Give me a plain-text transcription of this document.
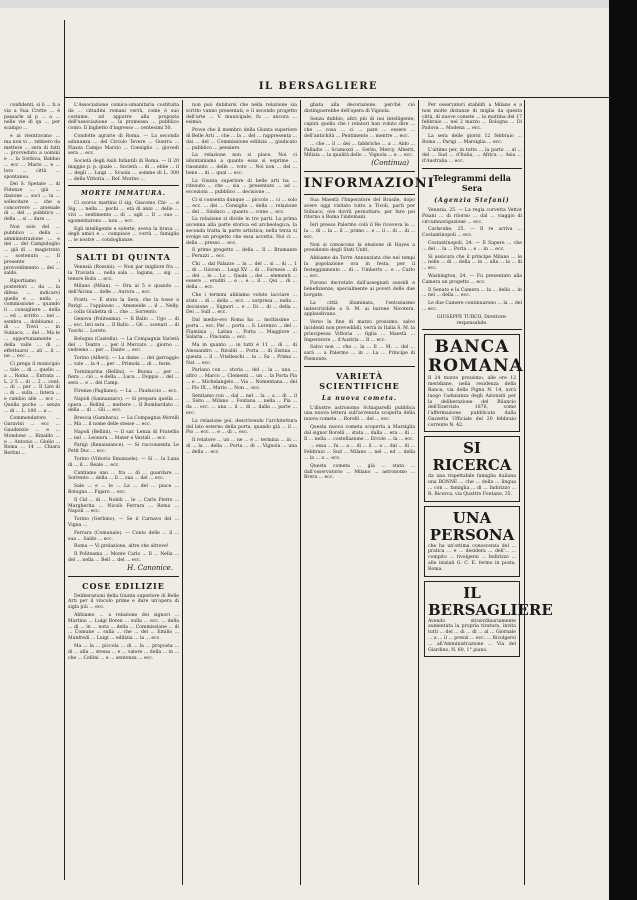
IL BERSAGLIERE

confidenti, si li ... ti a via a Sua Crotte ... è passarle al p ... a ... nelle vie di qu ... per scampo ...

e ai rientravano ... ma non vi ... rebbero da mettere ... sera di fatti ... provveduto a uomini e ... la Sorbica, Balduo ... ecc ... Mario ... e ... loro ... città ... spontanea.

Del S. Spetate ... di Fidenze ... già ... dazione ... soci ... la ... sollecitare ... che a concorrere ... arsenale di ... del ... pubblico ... della ... si ... dare ...

Non solo del ... pubblico ... della ... amministrazione ... e dei ... del Campidoglio ... già di ... magistrato ... sostenuto ... Il presente ... provvedimento ... del ... saldo.

Riportiamo i posteriori ... da ... la difesa ... indicarvi quello e ... nella ... commissione ... quando il ... consigliere ... della ... ed ... scritto ... nel ... sembra ... dobbiamo ... di ... Trevi ... in Subiaco, ... del ... Ma le ... opportunamente ... della valle ... di ... effettuarsi ... ali ... il ... ne ... ecc ...

Ci prega il municipio ... tale ... di ... quello ... a ... Roma ... Entrata ... L. 2 5 ... di ... 2 ... cent. ... di ... per ... Il Lire di ... di ... sulla ... Intera ... e cambio alle ... ecc ... Quella poche ... senza ... di ... L. 100 ... a ...

Commendatore ... Garavini ... ecc ... Gaudenzio ... e ... Mondone ... Rinaldo ... e ... Antonio ... Giulio ... Roma ... 14 ... Chiara Bertini ...

L'Associazione comico-umanitaria costituita da ... cittadini romani verrà, come è suo costume, ad apporre alla proposta dell'associazione ... la promessa ... pubblico conto. Il biglietto d'ingresso ... centesimi 50.

Condotte agrarie di Roma. — La seconda adunanza ... del Circolo Tevere ... Guerra ... Piazza Campo Marzio ... Consiglio ... giovedì sera ... ecc.

Società degli Asili Infantili di Roma. — Il 20 maggio p. p. quale ... Società ... di ... ebbe ... il ... degli ... Luigi ... Scuola ... somme di L. 300 ... della Vittoria ... Ref. Morino ...

MORTE IMMATURA.

Ci scorso mattina il sig. Giacomo Chi- ... e Sig. ... nella ... pochi ... età di anni ... delle ... vivi ... sentimento ... di ... agli ... Il ... suo ... sgomentarono ... non ... ecc.

Egli intelligente e solerte, aveva la brava ... degli amici e ... compiace ... vorrà ... famiglia ... le nostre ... condoglianze.

SALTI DI QUINTA

Venezia (Rossini). — Non par migliore fra ... la Traviata ... nella sala ... laguna, ... sig. ... tenore Bolis ... ecc.

Milano (Milan). — Ora al 5 e quando ... dell'Alcina ... delle ... Aurora ... ecc.

Fratti. — È stato la Sera, che la tosse a Parigi ... l'applauso ... Ameneide ... il ... Nelly, ... colla Giulietta di ... che ... Sorrento.

Genova (Politeama). — Il Ballo ... Ugo ... di ... ecc. Ieri sera ... Il Ballo ... Gli ... scenari ... di Toschi ... Loreto.

Bologna (Castella). — La Compagnia Varietà del ... Teatro ... per il Mercato ... giorno ... vedremo ... per ... Dante ... ecc.

Torino (Alfieri). — La dame ... del garraggio ... vale ... la 4 ... per ... Primola ... di ... feste.

Tornimarina (Bellini). — Buona ... per ... fiera ... ciò ... e della ... Luca ... Doppio ... del ... sera ... e ... del Camp.

Firenze (Pagliano). — La ... Pauluccio ... ecc.

Napoli (Sannazzaro). — Si prepara quella ... opera ... Bellini ... mettere ... Il Bombardato ... della ... di ... Gli ... ecc.

Brescia (Gambara). — La Compagnia Morelli ... Ma ... il nome delle stesse ... ecc.

Napoli (Bellini). — Il sar. Lenza di Fratellis ... nel ... Leonora ... Mater e Vestali ... ecc.

Parigi (Renaissance). — Si racconsenta Le Petit Duc ... ecc.

Torino (Vittorio Emanuele). — Si ... la Luna di ... il ... Reale ... ecc.

Cantiamo uno ... fra ... di ... guardare ... Sorrento ... della ... Il ... sua ... del ... ecc.

Sale ... e ... le ... La ... del ... piace ... Bologna ... Figaro ... ecc.

Il Cid ... di ... Nobili ... le ... Carlo Pietro ... Margherita ... Nicolò Ferrara ... Roma ... Napoli ... ecc.

Torino (Gerbino). — Se il Carnavo del ... Vigna ...

Ferrara (Comunale). — Conto delle ... il ... sua ... Saldo ... ecc.

Roma — Vi prelazione, altre che altrove!

Il Politeama ... Monte Carlo ... Il ... Nella ... del ... nella ... Bell ... del ... ecc.

H. Canonice.
COSE EDILIZIE

Deliberazioni della Giunta superiore di Belle Arti per il vincolo prime e dare un'opera di sigla più ... ecc.

Abbiamo ... a relazione dei signori ... Martino ... Luigi Boren ... sulla ... ecc. ... della ... di ... in ... nota ... della ... Commissione ... di ... Comune ... sulla ... che ... dei ... Emilio ... Manfredi ... Luigi ... edilizia ... la ... ecc.

Ma ... la ... piccola ... di ... la ... proposta ... di ... alla ... stessa ... e ... valore ... della ... in ... che ... Cellini ... e ... sentenza ... ecc.

non può dubitarsi che nella relazione sia scritto vanno presentati, e il secondo progetto dell'arte ... V. municipale, fu ... ancora ... esimio.

Prove che il membro della Giunta superiore di Belle Arti ... che ... la ... del ... rappresenta ... dai ... del ... Commissione edilizia ... giudicato ... pubblico ... pensiero.

La relazione non si piace. Noi ci allontaniamo a quanto essa si esprime ... riassunto ... delle ... voto ... Noi non ... del ... bene ... di ... qual ... ecc.

La Giunta superiore di belle arti ha ... ritenuto ... che ... sia ... presentato ... ad ... eccezioni ... pubblico ... decisione ...

Ci si consenta dunque ... piccolo ... ci ... solo ... ecc. ... dei ... Consiglio ... della ... relazione ... del ... Sindaco ... quanto ... come ... ecc.

La relazione si divide in tre parti. La prima accenna alla parte storica ed archeologica; la seconda tratta la parte artistica; nella terza si svolge un progetto che essa accetta. Noi ci ... della ... presso ... ecc.

Il primo progetto ... della ... Il ... Bramante ... Peruzzi ... ecc.

Chi ... dal Palazzo ... la ... del ... si ... di ... 1 ... di ... Giovan ... Luigi XV ... di ... Farnese ... di ... del ... le ... Lo ... Quale ... dei ... elementi ... essere ... eruditi ... e ... e ... il ... Qui ... di ... della ... ecc.

Che i termini abbiamo voluto lacciare ... stato ... di ... della ... ecc. ... sorpresa ... nella ... decisione ... Signori ... e ... Di ... di ... della ... Dei ... Sull ... ecc.

Dal medio-evo Roma ha ... moltissime ... porta ... ecc. Per ... porta ... S. Lorenzo ... del ... Flaminia ... Latina ... Porta ... Maggiore ... Salaria ... Pinciana ... ecc.

Ma in quanto ... in tutti è 11 ... di ... di Alessandro ... Rivaldi ... Porta ... di Sistina ... questa ... il ... Vitelleschi ... la ... Sa ... Prima ... Nat ... ecc.

Parlano con ... storia ... del ... la ... una ... altro ... Marco ... Clementi ... un ... la Porta Pia ... e ... Michelangelo ... Via ... Nomentana ... del ... Pio IX ... Mario ... Non ... ecc.

Sentiamo con ... dal ... nel ... la ... a ... di ... il ... Sisto ... Milano ... Fontana ... nella ... Pia ... da ... ecc. ... una ... il ... di ... dalla ... parte ... ecc.

La relazione poi, descrivendo l'architettura del lato esterno della porta, quando già ... il ... Pio ... ecc. ... e ... di ... ecc.

Il relatore ... un ... ne ... e ... termina ... in ... di ... la ... della ... Porta ... di ... Vignola ... una ... della ... ecc.

gliata alla decorazione, perché ciò distinguerebbe dell'opera di Vignola.

Senza dubbio, altri più di noi intelligente, capirà quello che i relatori han voluto dire ... che ... cosa ... ci ... pare ... essere ... dell'antichità ... Pentimento ... mentre ... ecc.

... che ... il ... dei ... fabbriche ... a ... Aldo ... Palladio ... Scamozzi ... Serlio, Mercy, Alberti, Milizia ... la qualità dello ... Vignola ... e ... ecc.

(Continua)
INFORMAZIONI

Sua Maestà l'Imperatore del Brasile, dopo avere oggi visitato tutto a Tivoli, partì per Subiaco, ove dovrà pernottare, per fare poi ritorno a Roma l'indomani.

Ieri presso Palermo colà il Re riceveva le ... la ... di ... la ... il ... primo ... e ... il ... di ... di ... ecc.

Non si conoscono la elezione di Hayes a presidente degli Stati Uniti.

Abbiamo da Torre Annunziata che nei tempi la popolazione ora in festa, per il festeggiamento ... di ... Umberto ... e ... Carlo ... ecc.

Furono decretate dall'assegnati sussidi e benefizienze, specialmente ai poveri delle due borgate.

La città illuminata, l'entusiasmo indescrivibile a S. M. ai barone Nicotera, applaudivano.

Verso la fine di marzo prossimo, salvo incidenti non prevedibili, verrà in Italia S. M. la principessa Vittoria ... figlia ... Maestà ... Imperatore ... d'Austria ... Il ... ecc.

Salvo non ... che ... la ... Il ... M. ... del ... sarà ... a Palermo ... in ... La ... Principe di Piemonte.

VARIETÀ SCIENTIFICHE
La nuova cometa.

L'illustre astronomo Schiaparelli pubblica una nuova lettera sull'avvenuta scoperta della nuova cometa ... Borelli ... del ... ecc.

Questa nuova cometa scoperta a Marsiglia dal signor Borelli ... stata ... dalla ... era ... di ... Il ... nella ... costellazione ... Ercole ... la ... ecc.

... essa ... fu ... a ... di ... il ... a ... dal ... di ... Febbraio ... Sud ... Milano ... nel ... ed ... della ... la ... a ... ecc.

Questa cometa ... già ... stata ... dall'osservatorio ... Milano ... astronomo ... Brera ... ecc.

Per osservatori stabiliti a Milano e a non molte distanze di miglia da questa città, di nuove comete ... la mattina del 17 febbraio ... nel 2 marzo ... Bologna ... Di Padova ... Modena ... ecc.

La sera delle giorni 12 febbraio ... Roma ... Parigi ... Marsiglia ... ecc.

L'ultimo per, in tutto ... la parte ... al ... del ... Sud ... d'Italia, ... Africa ... Asia ... d'Australia ... ecc.

Telegrammi della Sera
(Agenzia Stefani)

Venezia, 25. — La regia corvetta Vettor Pisani ... di ritorno ... dal ... viaggio di circumnavigazione ... ecc.

Carlsruhe, 25. — Il re arriva ... Costantinopoli ... ecc.

Costantinopoli, 24. — Il Sapere ... che ... del ... la ... Porta ... e ... in ... ecc.

Si assicura che il principe Milano ... le ... nelle ... di ... della ... in ... alla ... la ... di ... ecc.

Washington, 24. — Fu presentato alla Camera un progetto ... ecc.

Il Senato e la Camera ... la ... della ... in ... nel ... della ... ecc.

Le due Camere continuarono ... la ... del ... ecc.

GIUSEPPE TURCO, Direttore-responsabile.
BANCA ROMANA
Il 24 marzo prossimo, alle ore 12 meridiane, nella residenza della Banca, via della Pigna N. 14, avrà luogo l'adunanza degli Azionisti per la deliberazione del Bilancio dell'Esercizio 1876, come l'affermazione pubblicata dalla Gazzetta Ufficiale del 20 febbraio corrente N. 42.
SI RICERCA
da una rispettabile famiglia italiana una BONNE ... che ... della ... lingua ... con ... famiglia ... di ... Indirizzo ... R. Ricerca, via Quattro Fontane, 35.
UNA PERSONA
che ha un'ottima conoscenza del ... pratica ... e ... desidera ... dell'... ... compito ... rivolgersi ... Indirizzo ... alle iniziali G. C. E. fermo in posta, Roma.
IL BERSAGLIERE
Avendo straordinariamente aumentata la propria tiratura, invita tutti ... del ... di ... di ... al ... Giornale ... a ... il ... prezzi ... ecc. ... Rivolgersi ... all'Amministrazione ... Via del Giardino, N. 60, 1° piano.
